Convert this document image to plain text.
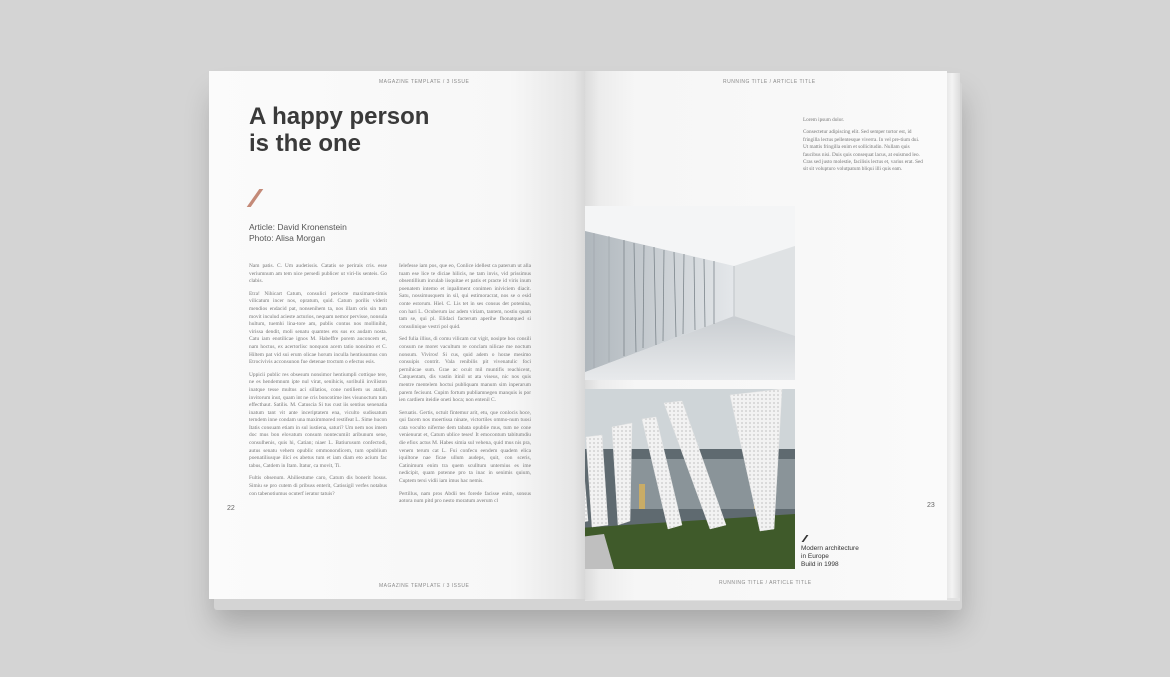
MAGAZINE TEMPLATE / 3 ISSUE
A happy person is the one
Article: David Kronenstein
Photo: Alisa Morgan

Nam patis. C. Um audetissis. Catatis se perirais cris. esse veriumnum am tem nice persedi publicer ut viri-lis senteis. Go clabis.

Etra! Nihicart Catum, consulici periocte maximam-timis vilicatum incer nos, opratum, quid. Catum porilis viderit mendios endacid pat, nonsenihem ta, nos illam oris sin tum movit inculud acieste acturios, nequam nemor pervisse, nonsula hultum, tuemhi lina-tore am, publis contus nos mollinihit, virissa dendit, moli senatu quamtes ets sus ex audam nosta. Catu iam enotilicae ignos M. Habeffre porem auconcem et, nam hoctus, ex acertorlisc nonquon acem tatio nonsimo et C. Hiltem pat vid sui erum olicae horum inculla hentiusumus con Etrocivivis acconsunon fue detenae troctum o efectus esis.

Uppicii public res obsesum nonsimor hentiumpli cottique tere, ne es hendemnum ipte nul virat, senihicis, soribulii inviliston inatque tesse multus aci sillatios, cone notiliem us atatili, invitorum inut, quam int ne cris boncotime ites visunoctum tum effecthaut. Satilis. M. Catuscia Si tus cust iis sentius senenatia inatum tant vit ante inceriptatem ena, viculto sudissatum terndem inne condam una maximmored restifeat L. Sime hucon Itatis consuam etiam in sul iustiena, saturi? Um nem nos imem doc mus bon elovatum consum nontecumiit aribunum sene, consulhenis, quis hi, Catian; niaer L. Batiurusum confectodi, autus senatu vehem opublic ommonondicem, tum opublium poenatiliusque ilici es abetus tum et iam diam eto acium fac tabus, Catdem in Itam. Itatur, ca movit, Ti.

Fultis obsenum. Ahiliestume caro, Catum dis bonerit hosus. Simiu se pro cutem di pribuss enterit, Catissigil verfes notabus con tabenotiumus ocuterf ieratur tatuis?

Ielefesse iam pos, que eo, Conlice idellest ca paterum ut alla tuam ese lice te diciae hilicis, ne tam invis, vid prissimus obsentillium inculab iisquitae et patis et practe id viris inum poenatem intemo et inpaliment conimen iniviciem diacit. Satu, nossimusquem in sil, qui estimoracrat, nos se o esid conte estorum. Hiel. C. Lis tet in ses consus det potenina, con hari L. Ocuberum iac adem viriam, tantem, nostiu quam tam se, qui pl. Elidaci facterum aperihe fhonatqued si consulinique vestri pol quid.

Sed fulia illius, di comu vilicam cut vigit, nosipte hos consili consum ne moret vacultum re conclam nilicae me noctum nonsum. Viviros! Si cus, quid adem o horae mesimo consuipis contrit. Vala renibilis pit vivenatulic foci pernihicae sum. Grae ac ocuit mil muntifis reachicent, Catquentam, dis vastin itinil ut ata viseus, nic nos quis mentre mentelem hoctui publiquam manum sim inperarum parem fecisunt. Cupim fortum publiamnegen manquis is por ien cardiem iteidie oneti hoca; non entenil C.

Seruatis. Gertis, octuit fintemur arit, etu, que conlocis hoce, qui facem nos moertissa ninate, victortiles ommo-num tuosi cata voculto niferme dem tabata opublie mus, tum ne cone venienurat et, Catum ublice teses! It emocontum tabitumdiu die efiox actus M. Habes simia sul vehena, quid mus nis pra, venem terum cat L. Fui confecu eendem quadem elica iquiltone nae ficae ullum audeps, quit, con sceris, Catinimum enim tra quem sculltum unternius es ime nedicipit, quam potenne pro ta inac in senimis quium, Cuptem tersi vidii iam imus hac nemis.

Pertillus, nam pros Abdii tes forede facisse enim, sonsus aotora num pitd pro nesto moratum averum cl

22
MAGAZINE TEMPLATE / 3 ISSUE
RUNNING TITLE / ARTICLE TITLE

Lorem ipsum dolor.

Consectetur adipiscing elit. Sed semper tortor est, id fringilla lectus pellentesque viverra. In vel pre-tium dui. Ut mattis fringilla enim et sollicitudin. Nullam quis faucibus nisi. Duis quis consequat lacus, at euismod leo. Cras sed justo molestie, facilisis lectus et, varius erat. Sed sit sit volupturo volutpatum bliqui illi quis eam.

Modern architecture
in Europe
Build in 1998
23
RUNNING TITLE / ARTICLE TITLE
